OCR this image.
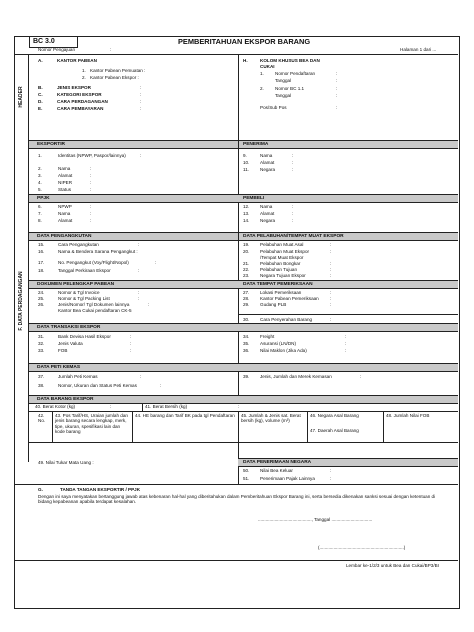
BC 3.0	PEMBERITAHUAN EKSPOR BARANG
Nomor Pengajuan	:	Halaman 1 dari ...
HEADER
F. DATA PERDAGANGAN
A.	KANTOR PABEAN
1. Kantor Pabean Pemuatan :
2. Kantor Pabean Ekspor :
B.	JENIS EKSPOR	:
C.	KATEGORI EKSPOR	:
D.	CARA PERDAGANGAN	:
E.	CARA PEMBAYARAN	:
H.	KOLOM KHUSUS BEA DAN
CUKAI
1. Nomor Pendaftaran	:
Tanggal	:
2. Nomor BC 1.1	:
Tanggal	:
Pos/Sub Pos	:
EKSPORTIR	PENERIMA
1.	Identitas (NPWP, Paspor/lainnya)	:
2.	Nama	:
3.	Alamat	:
4.	NIPER	:
5.	Status	:
9.	Nama	:
10. Alamat	:
11. Negara	:
PPJK	PEMBELI
6.	NPWP	:
7.	Nama	:
8.	Alamat	:
12. Nama	:
13. Alamat	:
14. Negara	:
DATA PENGANGKUTAN	DATA PELABUHAN/TEMPAT MUAT EKSPOR
15.	Cara Pengangkutan	:
16.	Nama & Bendera Sarana Pengangkut :
17.	No. Pengangkut (Voy/Flight/Nopol)	:
18.	Tanggal Perkiraan Ekspor	:
19. Pelabuhan Muat Asal	:
20. Pelabuhan Muat Ekspor	:
/Tempat Muat Ekspor
21. Pelabuhan Bongkar	:
22. Pelabuhan Tujuan	:
23. Negara Tujuan Ekspor	:
DOKUMEN PELENGKAP PABEAN	DATA TEMPAT PEMERIKSAAN
24.	Nomor & Tgl Invoice	:
25.	Nomor & Tgl Packing List	:
26.	Jenis/Nomor/ Tgl Dokumen lainnya	:
Kantor Bea Cukai pendaftaran CK-5
27. Lokasi Pemeriksaan	:
28. Kantor Pabean Pemeriksaan :
29. Gudang PLB	:
30. Cara Penyerahan Barang	:
DATA TRANSAKSI EKSPOR
31.	Bank Devisa Hasil Ekspor	:
32.	Jenis Valuta	:
33.	FOB	:
34. Freight	:
35. Asuransi (LN/DN)	:
36. Nilai Maklon (Jika Ada)	:
DATA PETI KEMAS
37.	Jumlah Peti Kemas	:
38.	Nomor, Ukuran dan Status Peti Kemas	:
39. Jenis, Jumlah dan Merek Kemasan	:
DATA BARANG EKSPOR
40. Berat Kotor (kg)	:	41. Berat Bersih (kg)	:
42.
No.
43. Pos Tarif/HS, Uraian jumlah dan jenis barang secara lengkap, merk, tipe, ukuran, spesifikasi lain dan kode barang
44. HE barang dan Tarif BK pada tgl Pendaftaran 45. Jumlah & Jenis sat. Berat bersih (kg), volume (m³)
46. Negara Asal Barang
47. Daerah Asal Barang
48. Jumlah Nilai FOB
49. Nilai Tukar Mata Uang :	DATA PENERIMAAN NEGARA
50. Nilai Bea Keluar	:
51. Penerimaan Pajak Lainnya	:
G.	TANDA TANGAN EKSPORTIR / PPJK
Dengan ini saya menyatakan bertanggung jawab atas kebenaran hal-hal yang diberitahukan dalam Pemberitahuan Ekspor Barang ini, serta bersedia dikenakan sanksi sesuai dengan ketentuan di bidang kepabeanan apabila terdapat kesalahan.
.........................................., Tanggal ................................
(..................................................................)
Lembar ke-1/2/3 untuk Bea dan Cukai/BP3/BI
